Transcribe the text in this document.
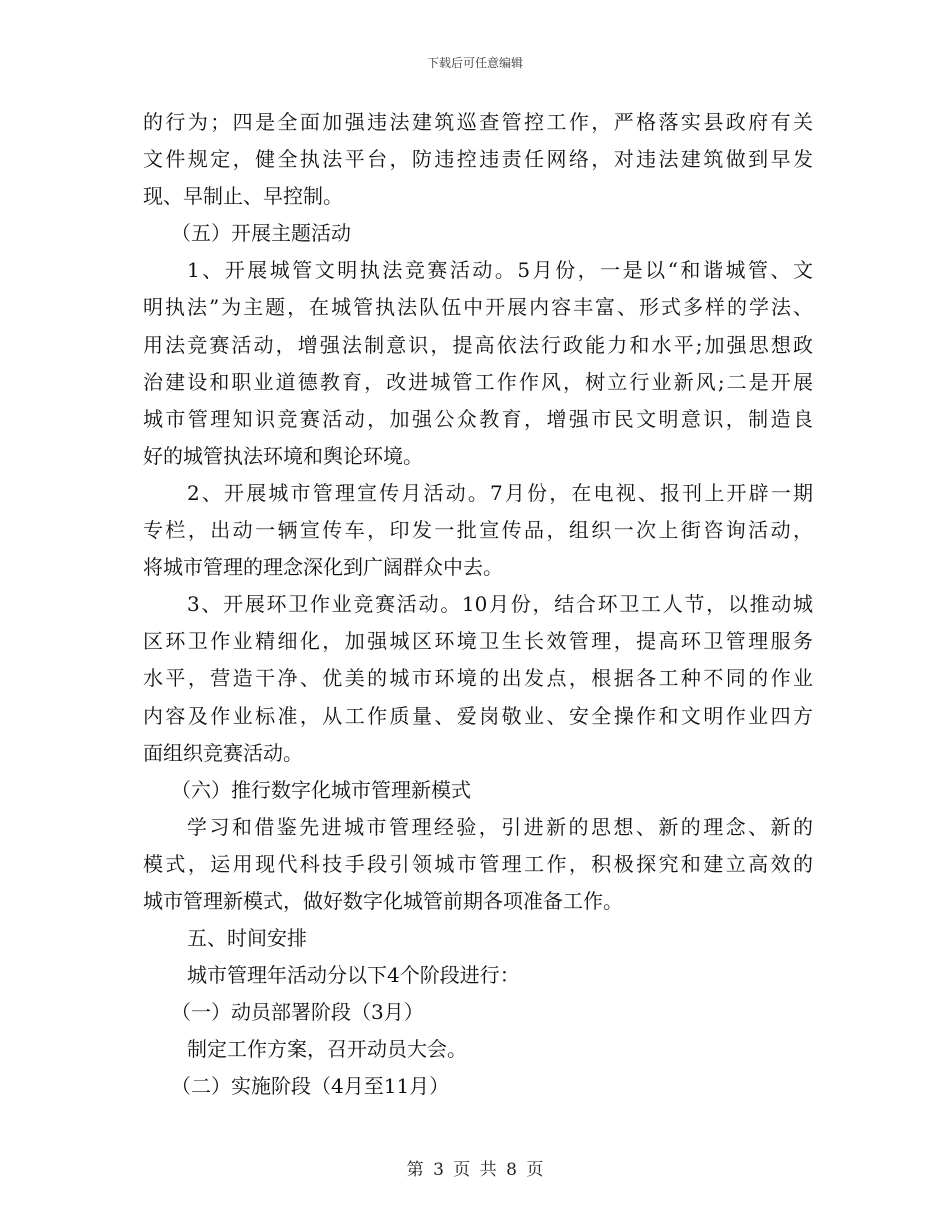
下载后可任意编辑
的行为；四是全面加强违法建筑巡查管控工作，严格落实县政府有关
文件规定，健全执法平台，防违控违责任网络，对违法建筑做到早发
现、早制止、早控制。
（五）开展主题活动
1、开展城管文明执法竞赛活动。5月份，一是以“和谐城管、文
明执法”为主题，在城管执法队伍中开展内容丰富、形式多样的学法、
用法竞赛活动，增强法制意识，提高依法行政能力和水平;加强思想政
治建设和职业道德教育，改进城管工作作风，树立行业新风;二是开展
城市管理知识竞赛活动，加强公众教育，增强市民文明意识，制造良
好的城管执法环境和舆论环境。
2、开展城市管理宣传月活动。7月份，在电视、报刊上开辟一期
专栏，出动一辆宣传车，印发一批宣传品，组织一次上街咨询活动，
将城市管理的理念深化到广阔群众中去。
3、开展环卫作业竞赛活动。10月份，结合环卫工人节，以推动城
区环卫作业精细化，加强城区环境卫生长效管理，提高环卫管理服务
水平，营造干净、优美的城市环境的出发点，根据各工种不同的作业
内容及作业标准，从工作质量、爱岗敬业、安全操作和文明作业四方
面组织竞赛活动。
（六）推行数字化城市管理新模式
学习和借鉴先进城市管理经验，引进新的思想、新的理念、新的
模式，运用现代科技手段引领城市管理工作，积极探究和建立高效的
城市管理新模式，做好数字化城管前期各项准备工作。
五、时间安排
城市管理年活动分以下4个阶段进行：
（一）动员部署阶段（3月）
制定工作方案，召开动员大会。
（二）实施阶段（4月至11月）
第 3 页 共 8 页
